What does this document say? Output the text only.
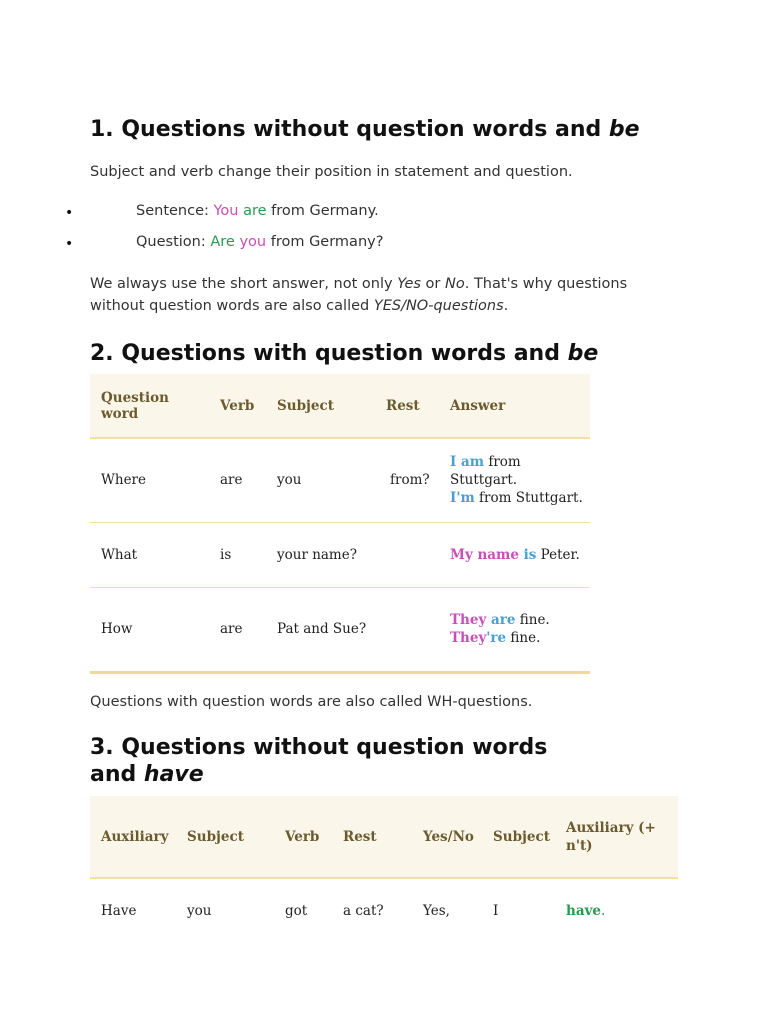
1. Questions without question words and be

Subject and verb change their position in statement and question.

•	Sentence: You are from Germany.
•	Question: Are you from Germany?

We always use the short answer, not only Yes or No. That's why questions without question words are also called YES/NO-questions.

2. Questions with question words and be
Question word	Verb	Subject	Rest	Answer
Where	are	you	from?	I am from Stuttgart.
I'm from Stuttgart.
What	is	your name?		My name is Peter.
How	are	Pat and Sue?		They are fine.
They're fine.

Questions with question words are also called WH-questions.

3. Questions without question words
and have
Auxiliary	Subject	Verb	Rest	Yes/No	Subject	Auxiliary (+ n't)
Have	you	got	a cat?	Yes,	I	have.
